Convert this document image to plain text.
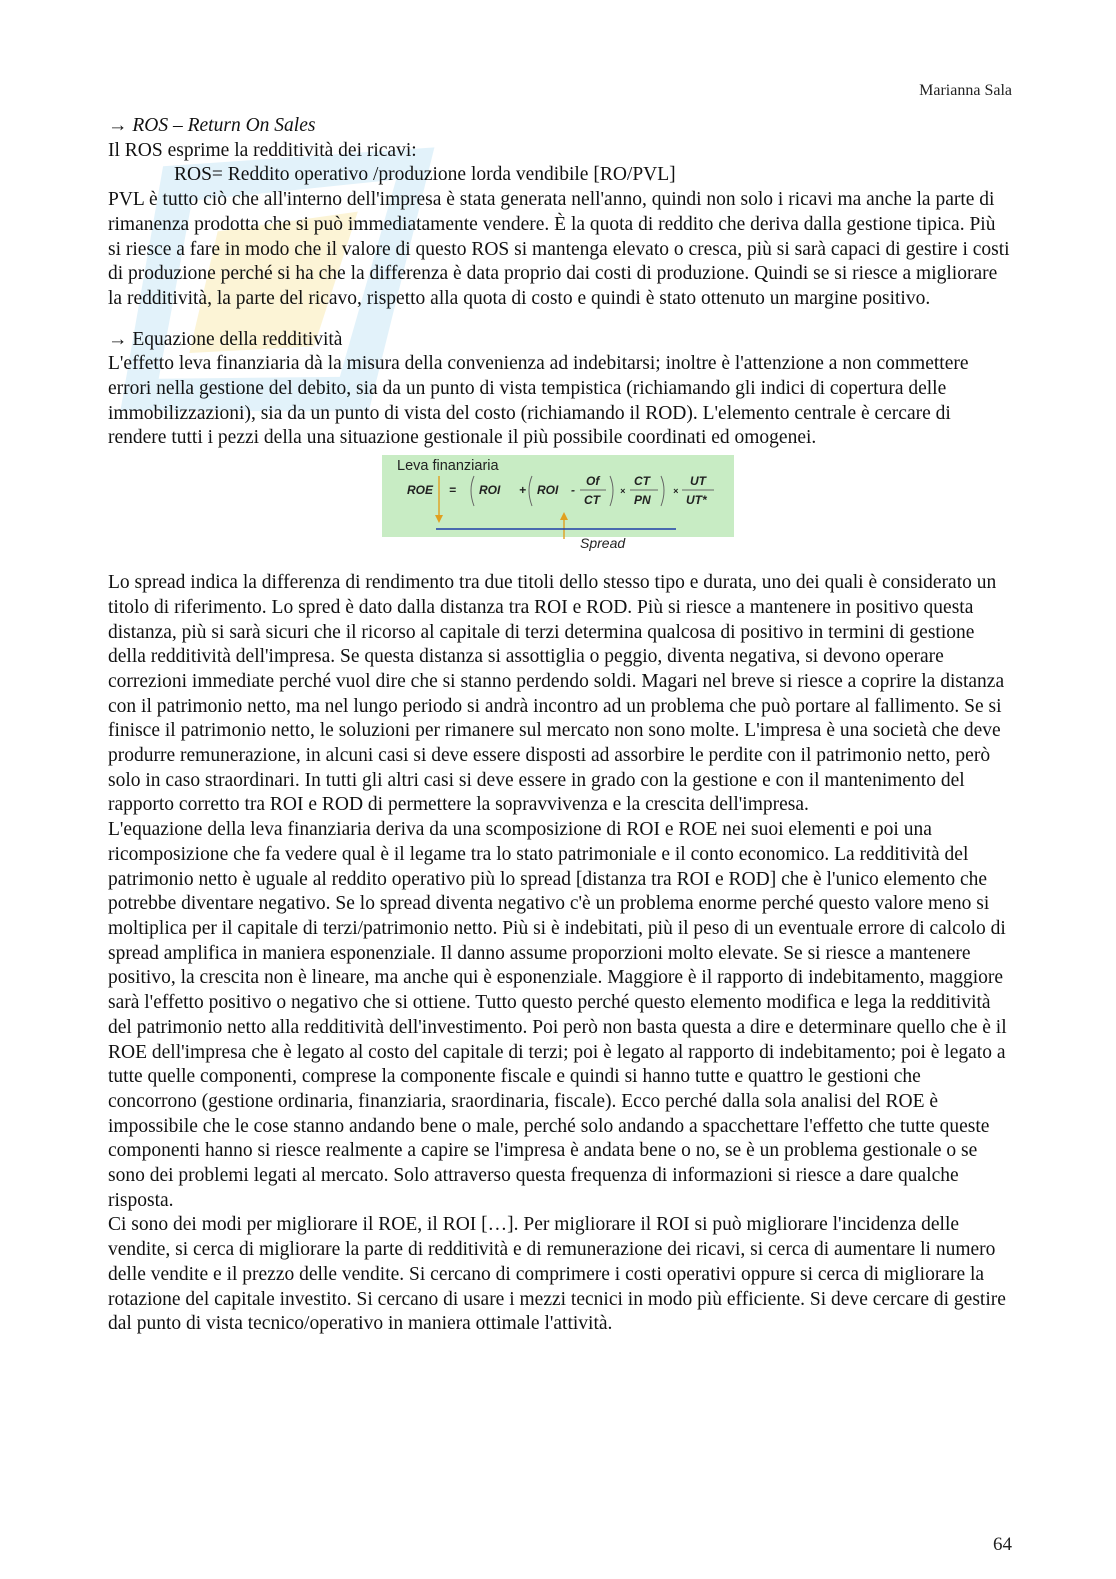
Marianna Sala

→ ROS – Return On Sales

Il ROS esprime la redditività dei ricavi:

ROS= Reddito operativo /produzione lorda vendibile [RO/PVL]

PVL è tutto ciò che all'interno dell'impresa è stata generata nell'anno, quindi non solo i ricavi ma anche la parte di rimanenza prodotta che si può immediatamente vendere. È la quota di reddito che deriva dalla gestione tipica. Più si riesce a fare in modo che il valore di questo ROS si mantenga elevato o cresca, più si sarà capaci di gestire i costi di produzione perché si ha che la differenza è data proprio dai costi di produzione. Quindi se si riesce a migliorare la redditività, la parte del ricavo, rispetto alla quota di costo e quindi è stato ottenuto un margine positivo.

→ Equazione della redditività

L'effetto leva finanziaria dà la misura della convenienza ad indebitarsi; inoltre è l'attenzione a non commettere errori nella gestione del debito, sia da un punto di vista tempistica (richiamando gli indici di copertura delle immobilizzazioni), sia da un punto di vista del costo (richiamando il ROD). L'elemento centrale è cercare di rendere tutti i pezzi della una situazione gestionale il più possibile coordinati ed omogenei.

Leva finanziaria
ROE = ROI + ROI -
Of
CT
×
CT
PN
×
UT
UT*
Spread

Lo spread indica la differenza di rendimento tra due titoli dello stesso tipo e durata, uno dei quali è considerato un titolo di riferimento. Lo spred è dato dalla distanza tra ROI e ROD. Più si riesce a mantenere in positivo questa distanza, più si sarà sicuri che il ricorso al capitale di terzi determina qualcosa di positivo in termini di gestione della redditività dell'impresa. Se questa distanza si assottiglia o peggio, diventa negativa, si devono operare correzioni immediate perché vuol dire che si stanno perdendo soldi. Magari nel breve si riesce a coprire la distanza con il patrimonio netto, ma nel lungo periodo si andrà incontro ad un problema che può portare al fallimento. Se si finisce il patrimonio netto, le soluzioni per rimanere sul mercato non sono molte. L'impresa è una società che deve produrre remunerazione, in alcuni casi si deve essere disposti ad assorbire le perdite con il patrimonio netto, però solo in caso straordinari. In tutti gli altri casi si deve essere in grado con la gestione e con il mantenimento del rapporto corretto tra ROI e ROD di permettere la sopravvivenza e la crescita dell'impresa.

L'equazione della leva finanziaria deriva da una scomposizione di ROI e ROE nei suoi elementi e poi una ricomposizione che fa vedere qual è il legame tra lo stato patrimoniale e il conto economico. La redditività del patrimonio netto è uguale al reddito operativo più lo spread [distanza tra ROI e ROD] che è l'unico elemento che potrebbe diventare negativo. Se lo spread diventa negativo c'è un problema enorme perché questo valore meno si moltiplica per il capitale di terzi/patrimonio netto. Più si è indebitati, più il peso di un eventuale errore di calcolo di spread amplifica in maniera esponenziale. Il danno assume proporzioni molto elevate. Se si riesce a mantenere positivo, la crescita non è lineare, ma anche qui è esponenziale. Maggiore è il rapporto di indebitamento, maggiore sarà l'effetto positivo o negativo che si ottiene. Tutto questo perché questo elemento modifica e lega la redditività del patrimonio netto alla redditività dell'investimento. Poi però non basta questa a dire e determinare quello che è il ROE dell'impresa che è legato al costo del capitale di terzi; poi è legato al rapporto di indebitamento; poi è legato a tutte quelle componenti, comprese la componente fiscale e quindi si hanno tutte e quattro le gestioni che concorrono (gestione ordinaria, finanziaria, sraordinaria, fiscale). Ecco perché dalla sola analisi del ROE è impossibile che le cose stanno andando bene o male, perché solo andando a spacchettare l'effetto che tutte queste componenti hanno si riesce realmente a capire se l'impresa è andata bene o no, se è un problema gestionale o se sono dei problemi legati al mercato. Solo attraverso questa frequenza di informazioni si riesce a dare qualche risposta.

Ci sono dei modi per migliorare il ROE, il ROI […]. Per migliorare il ROI si può migliorare l'incidenza delle vendite, si cerca di migliorare la parte di redditività e di remunerazione dei ricavi, si cerca di aumentare li numero delle vendite e il prezzo delle vendite. Si cercano di comprimere i costi operativi oppure si cerca di migliorare la rotazione del capitale investito. Si cercano di usare i mezzi tecnici in modo più efficiente. Si deve cercare di gestire dal punto di vista tecnico/operativo in maniera ottimale l'attività.

64
